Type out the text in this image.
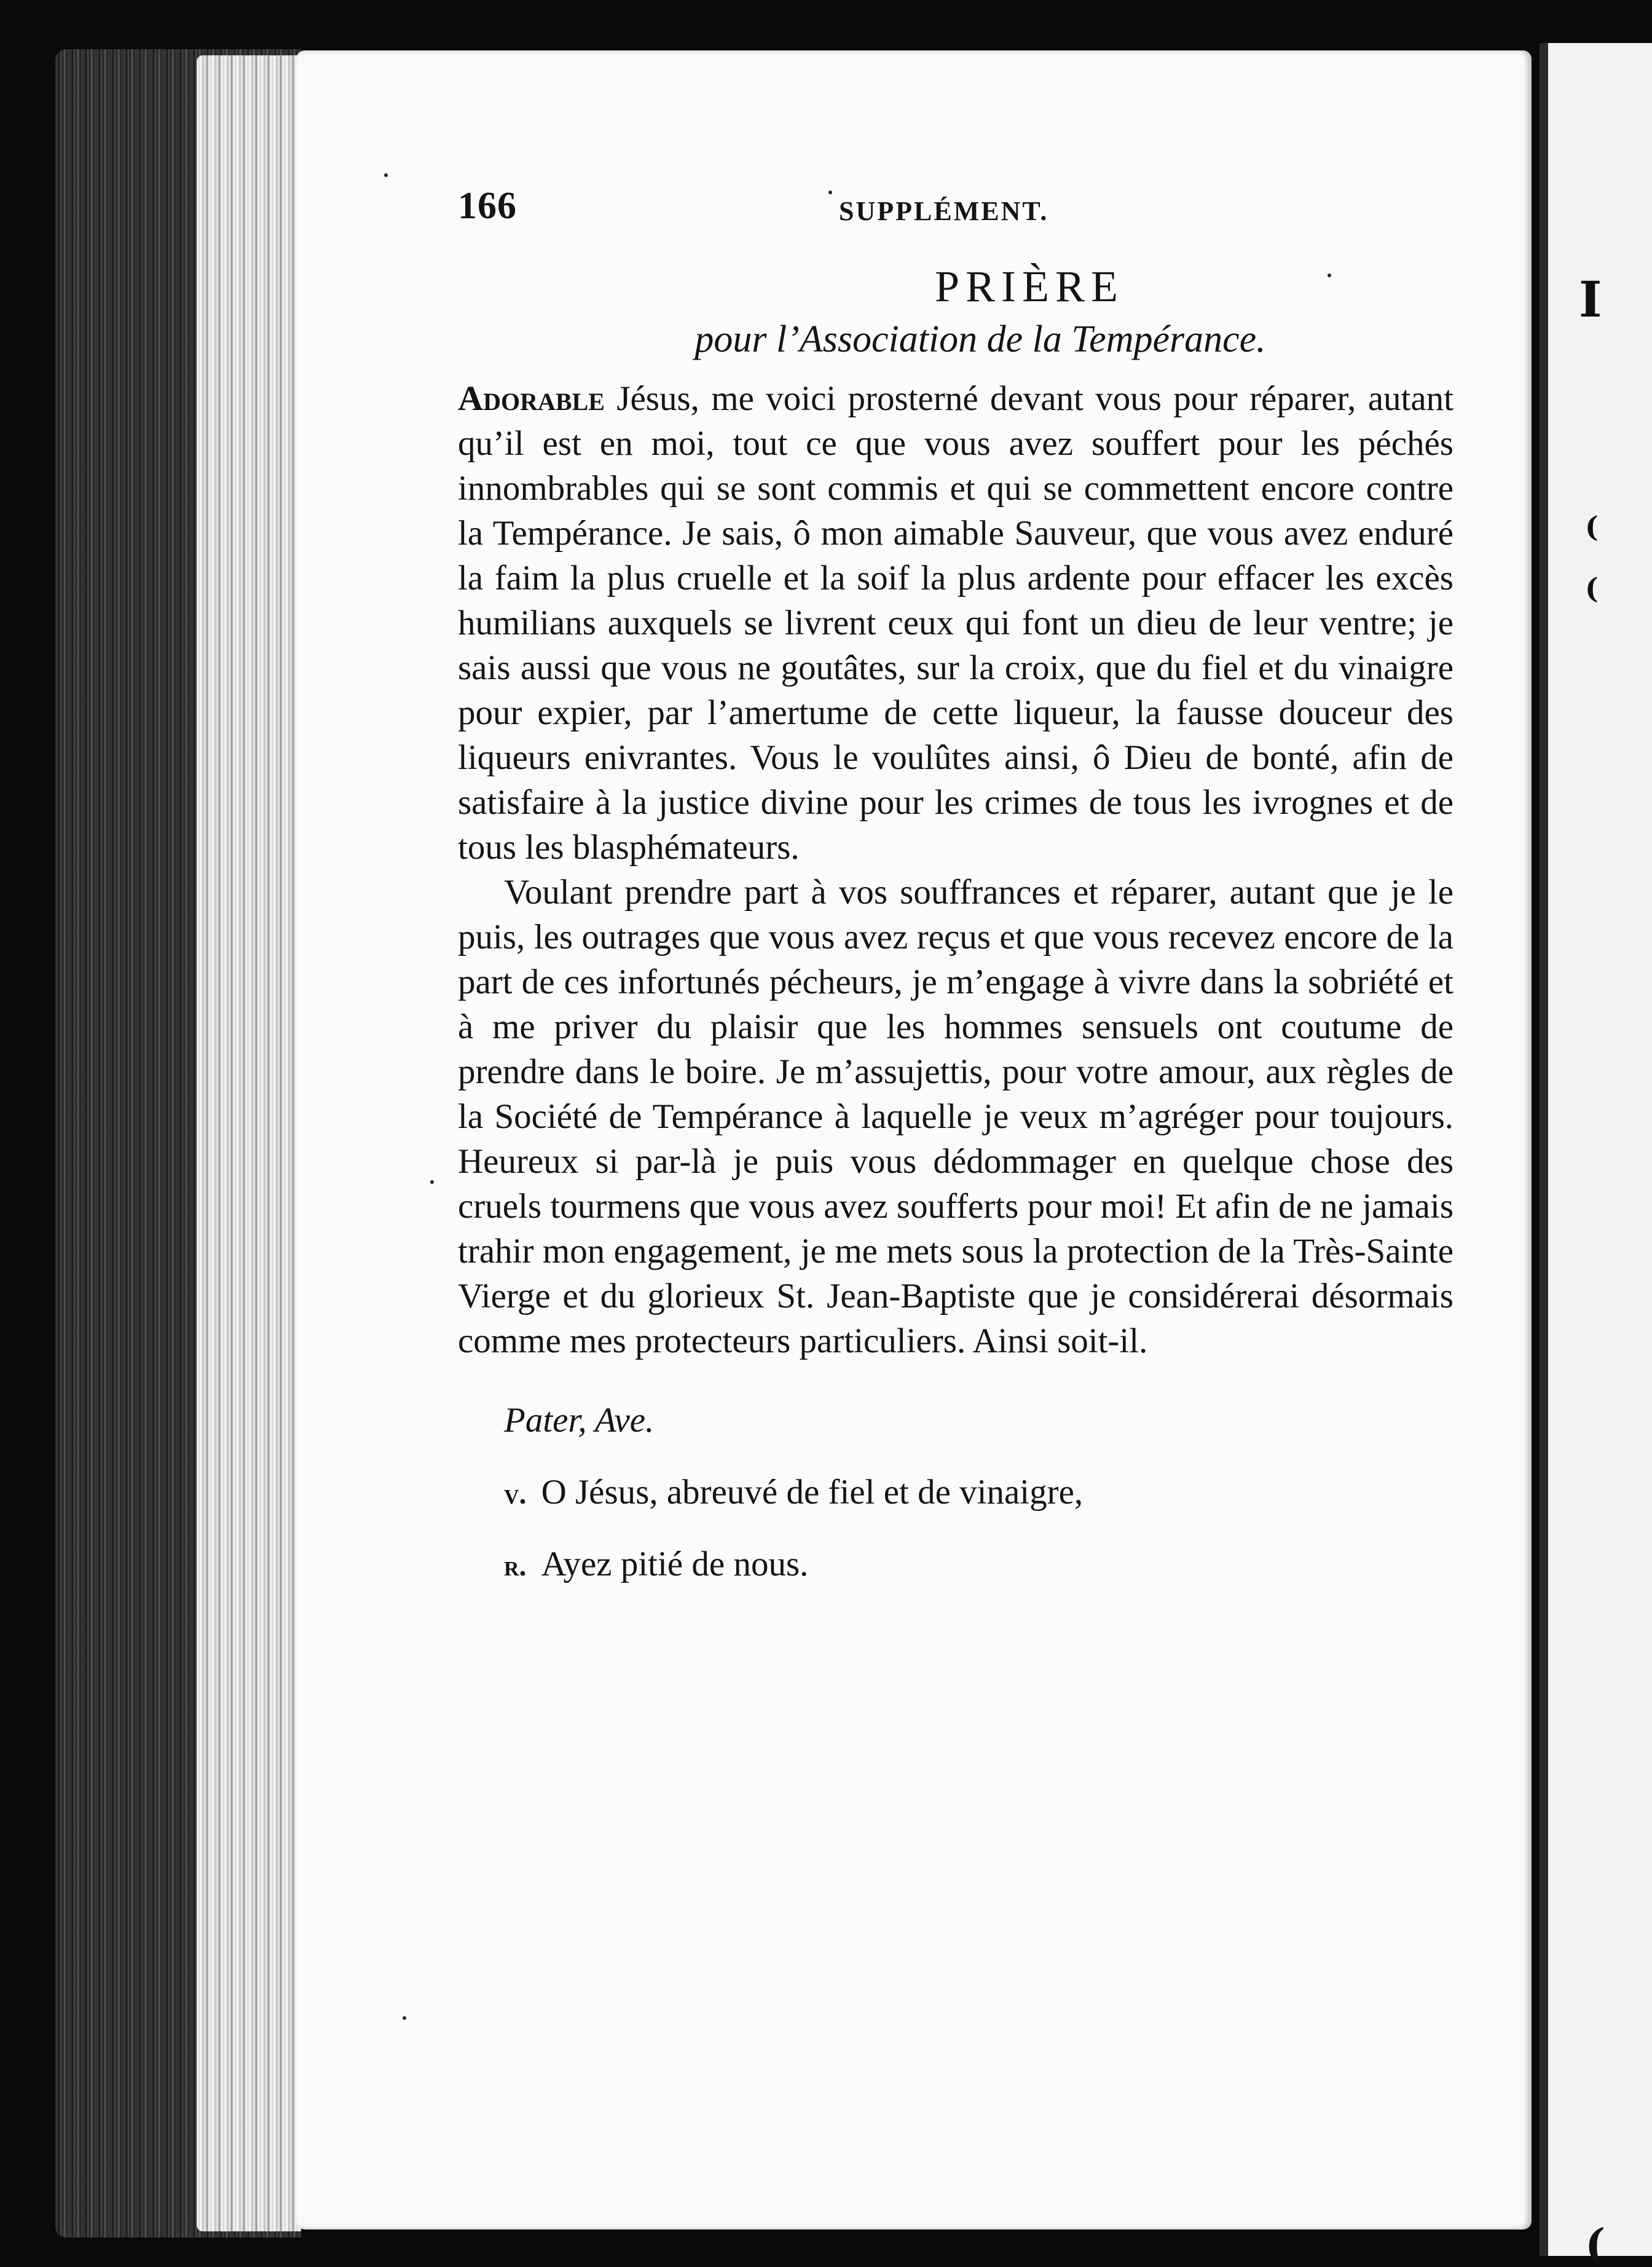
I
(
(
(
166	SUPPLÉMENT.
PRIÈRE
pour l’Association de la Tempérance.

Adorable Jésus, me voici prosterné devant vous pour réparer, autant qu’il est en moi, tout ce que vous avez souffert pour les péchés innombrables qui se sont commis et qui se commettent encore contre la Tempérance. Je sais, ô mon aimable Sauveur, que vous avez enduré la faim la plus cruelle et la soif la plus ardente pour effacer les excès humilians auxquels se livrent ceux qui font un dieu de leur ventre; je sais aussi que vous ne goutâtes, sur la croix, que du fiel et du vinaigre pour expier, par l’amertume de cette liqueur, la fausse douceur des liqueurs enivrantes. Vous le voulûtes ainsi, ô Dieu de bonté, afin de satisfaire à la justice divine pour les crimes de tous les ivrognes et de tous les blasphémateurs.

Voulant prendre part à vos souffrances et réparer, autant que je le puis, les outrages que vous avez reçus et que vous recevez encore de la part de ces infortunés pécheurs, je m’engage à vivre dans la sobriété et à me priver du plaisir que les hommes sensuels ont coutume de prendre dans le boire. Je m’assujettis, pour votre amour, aux règles de la Société de Tempérance à laquelle je veux m’agréger pour toujours. Heureux si par-là je puis vous dédommager en quelque chose des cruels tourmens que vous avez soufferts pour moi! Et afin de ne jamais trahir mon engagement, je me mets sous la protection de la Très-Sainte Vierge et du glorieux St. Jean-Baptiste que je considérerai désormais comme mes protecteurs particuliers. Ainsi soit-il.

Pater, Ave.
v. O Jésus, abreuvé de fiel et de vinaigre,
r. Ayez pitié de nous.
